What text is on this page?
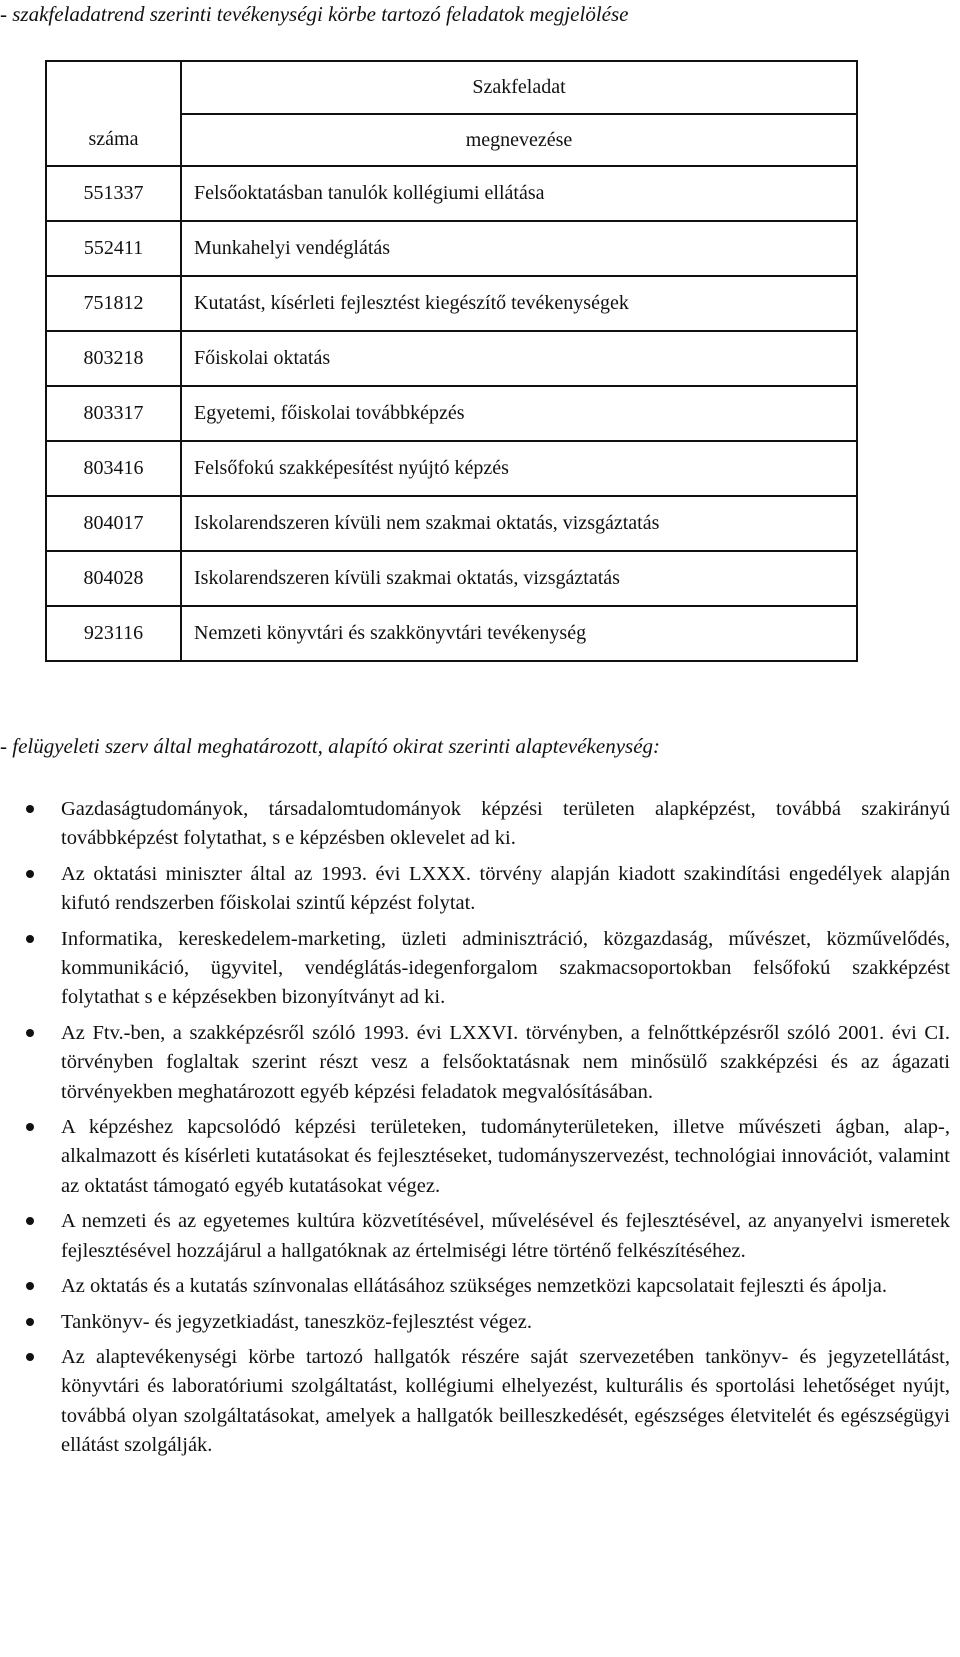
- szakfeladatrend szerinti tevékenységi körbe tartozó feladatok megjelölése
	Szakfeladat
száma	megnevezése
551337	Felsőoktatásban tanulók kollégiumi ellátása
552411	Munkahelyi vendéglátás
751812	Kutatást, kísérleti fejlesztést kiegészítő tevékenységek
803218	Főiskolai oktatás
803317	Egyetemi, főiskolai továbbképzés
803416	Felsőfokú szakképesítést nyújtó képzés
804017	Iskolarendszeren kívüli nem szakmai oktatás, vizsgáztatás
804028	Iskolarendszeren kívüli szakmai oktatás, vizsgáztatás
923116	Nemzeti könyvtári és szakkönyvtári tevékenység
- felügyeleti szerv által meghatározott, alapító okirat szerinti alaptevékenység:
Gazdaságtudományok, társadalomtudományok képzési területen alapképzést, továbbá szakirányú továbbképzést folytathat, s e képzésben oklevelet ad ki.
Az oktatási miniszter által az 1993. évi LXXX. törvény alapján kiadott szakindítási engedélyek alapján kifutó rendszerben főiskolai szintű képzést folytat.
Informatika, kereskedelem-marketing, üzleti adminisztráció, közgazdaság, művészet, közművelődés, kommunikáció, ügyvitel, vendéglátás-idegenforgalom szakmacsoportokban felsőfokú szakképzést folytathat s e képzésekben bizonyítványt ad ki.
Az Ftv.-ben, a szakképzésről szóló 1993. évi LXXVI. törvényben, a felnőttképzésről szóló 2001. évi CI. törvényben foglaltak szerint részt vesz a felsőoktatásnak nem minősülő szakképzési és az ágazati törvényekben meghatározott egyéb képzési feladatok megvalósításában.
A képzéshez kapcsolódó képzési területeken, tudományterületeken, illetve művészeti ágban, alap-, alkalmazott és kísérleti kutatásokat és fejlesztéseket, tudományszervezést, technológiai innovációt, valamint az oktatást támogató egyéb kutatásokat végez.
A nemzeti és az egyetemes kultúra közvetítésével, művelésével és fejlesztésével, az anyanyelvi ismeretek fejlesztésével hozzájárul a hallgatóknak az értelmiségi létre történő felkészítéséhez.
Az oktatás és a kutatás színvonalas ellátásához szükséges nemzetközi kapcsolatait fejleszti és ápolja.
Tankönyv- és jegyzetkiadást, taneszköz-fejlesztést végez.
Az alaptevékenységi körbe tartozó hallgatók részére saját szervezetében tankönyv- és jegyzetellátást, könyvtári és laboratóriumi szolgáltatást, kollégiumi elhelyezést, kulturális és sportolási lehetőséget nyújt, továbbá olyan szolgáltatásokat, amelyek a hallgatók beilleszkedését, egészséges életvitelét és egészségügyi ellátást szolgálják.
